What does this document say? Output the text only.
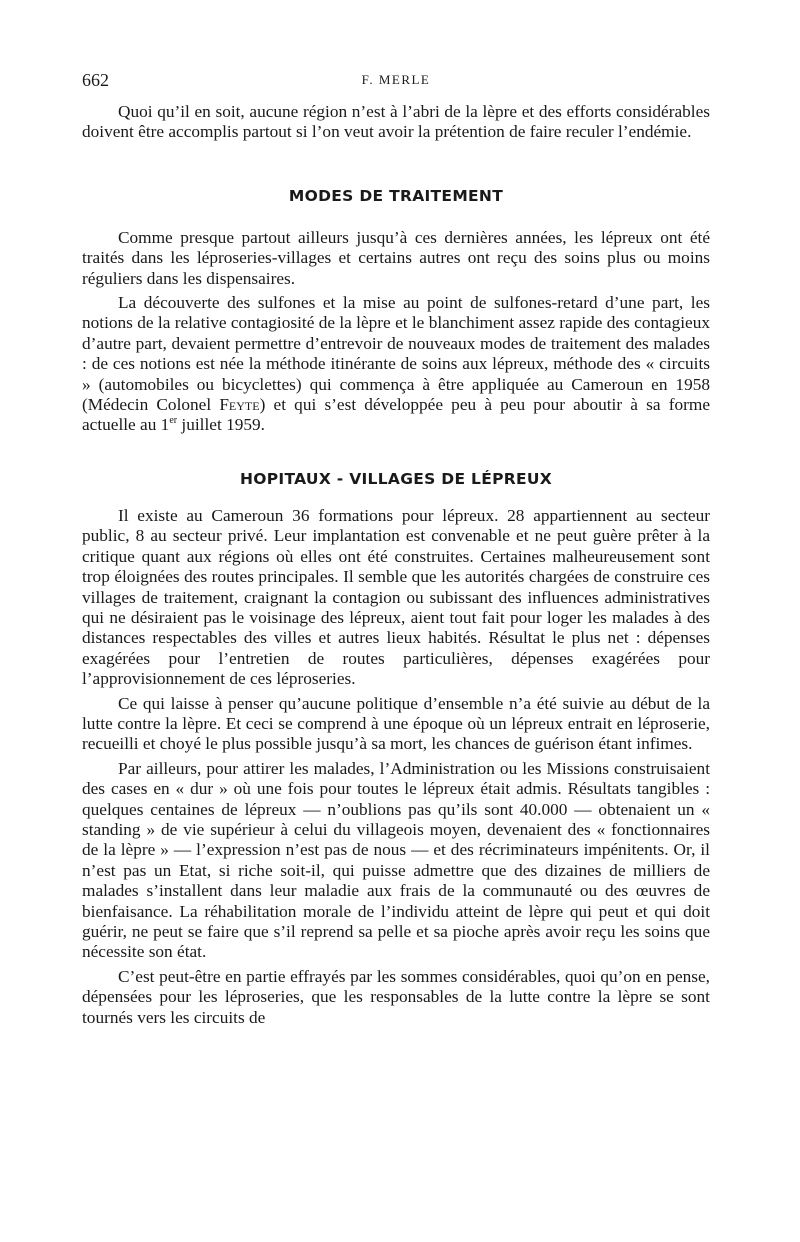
662	F. MERLE

Quoi qu’il en soit, aucune région n’est à l’abri de la lèpre et des efforts considérables doivent être accomplis partout si l’on veut avoir la prétention de faire reculer l’endémie.

MODES DE TRAITEMENT

Comme presque partout ailleurs jusqu’à ces dernières années, les lépreux ont été traités dans les léproseries-villages et certains autres ont reçu des soins plus ou moins réguliers dans les dispensaires.

La découverte des sulfones et la mise au point de sulfones-retard d’une part, les notions de la relative contagiosité de la lèpre et le blanchiment assez rapide des contagieux d’autre part, devaient permettre d’entrevoir de nouveaux modes de traitement des malades : de ces notions est née la méthode itinérante de soins aux lépreux, méthode des « circuits » (automobiles ou bicyclettes) qui commença à être appliquée au Cameroun en 1958 (Médecin Colonel Feyte) et qui s’est développée peu à peu pour aboutir à sa forme actuelle au 1er juillet 1959.

HOPITAUX - VILLAGES DE LÉPREUX

Il existe au Cameroun 36 formations pour lépreux. 28 appartiennent au secteur public, 8 au secteur privé. Leur implantation est convenable et ne peut guère prêter à la critique quant aux régions où elles ont été construites. Certaines malheureusement sont trop éloignées des routes principales. Il semble que les autorités chargées de construire ces villages de traitement, craignant la contagion ou subissant des influences administratives qui ne désiraient pas le voisinage des lépreux, aient tout fait pour loger les malades à des distances respectables des villes et autres lieux habités. Résultat le plus net : dépenses exagérées pour l’entretien de routes particulières, dépenses exagérées pour l’approvisionnement de ces léproseries.

Ce qui laisse à penser qu’aucune politique d’ensemble n’a été suivie au début de la lutte contre la lèpre. Et ceci se comprend à une époque où un lépreux entrait en léproserie, recueilli et choyé le plus possible jusqu’à sa mort, les chances de guérison étant infimes.

Par ailleurs, pour attirer les malades, l’Administration ou les Missions construisaient des cases en « dur » où une fois pour toutes le lépreux était admis. Résultats tangibles : quelques centaines de lépreux — n’oublions pas qu’ils sont 40.000 — obtenaient un « standing » de vie supérieur à celui du villageois moyen, devenaient des « fonctionnaires de la lèpre » — l’expression n’est pas de nous — et des récriminateurs impénitents. Or, il n’est pas un Etat, si riche soit-il, qui puisse admettre que des dizaines de milliers de malades s’installent dans leur maladie aux frais de la communauté ou des œuvres de bienfaisance. La réhabilitation morale de l’individu atteint de lèpre qui peut et qui doit guérir, ne peut se faire que s’il reprend sa pelle et sa pioche après avoir reçu les soins que nécessite son état.

C’est peut-être en partie effrayés par les sommes considérables, quoi qu’on en pense, dépensées pour les léproseries, que les responsables de la lutte contre la lèpre se sont tournés vers les circuits de
